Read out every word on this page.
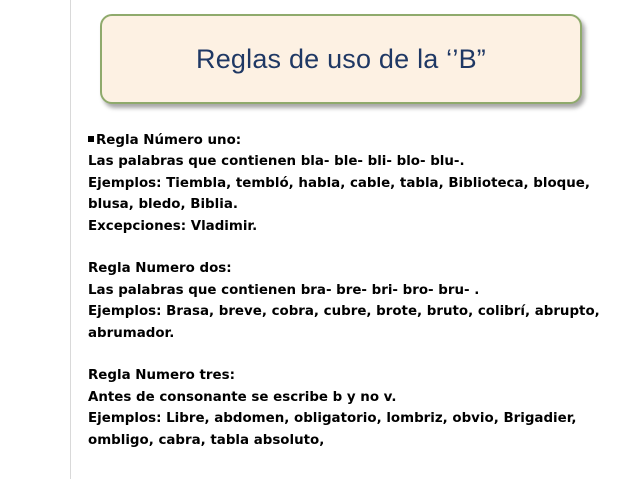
Reglas de uso de la ‘’B”
Regla Número uno:
Las palabras que contienen bla- ble- bli- blo- blu-.
Ejemplos: Tiembla, tembló, habla, cable, tabla, Biblioteca, bloque,
blusa, bledo, Biblia.
Excepciones: Vladimir.
Regla Numero dos:
Las palabras que contienen bra- bre- bri- bro- bru- .
Ejemplos: Brasa, breve, cobra, cubre, brote, bruto, colibrí, abrupto,
abrumador.
Regla Numero tres:
Antes de consonante se escribe b y no v.
Ejemplos: Libre, abdomen, obligatorio, lombriz, obvio, Brigadier,
ombligo, cabra, tabla absoluto,
